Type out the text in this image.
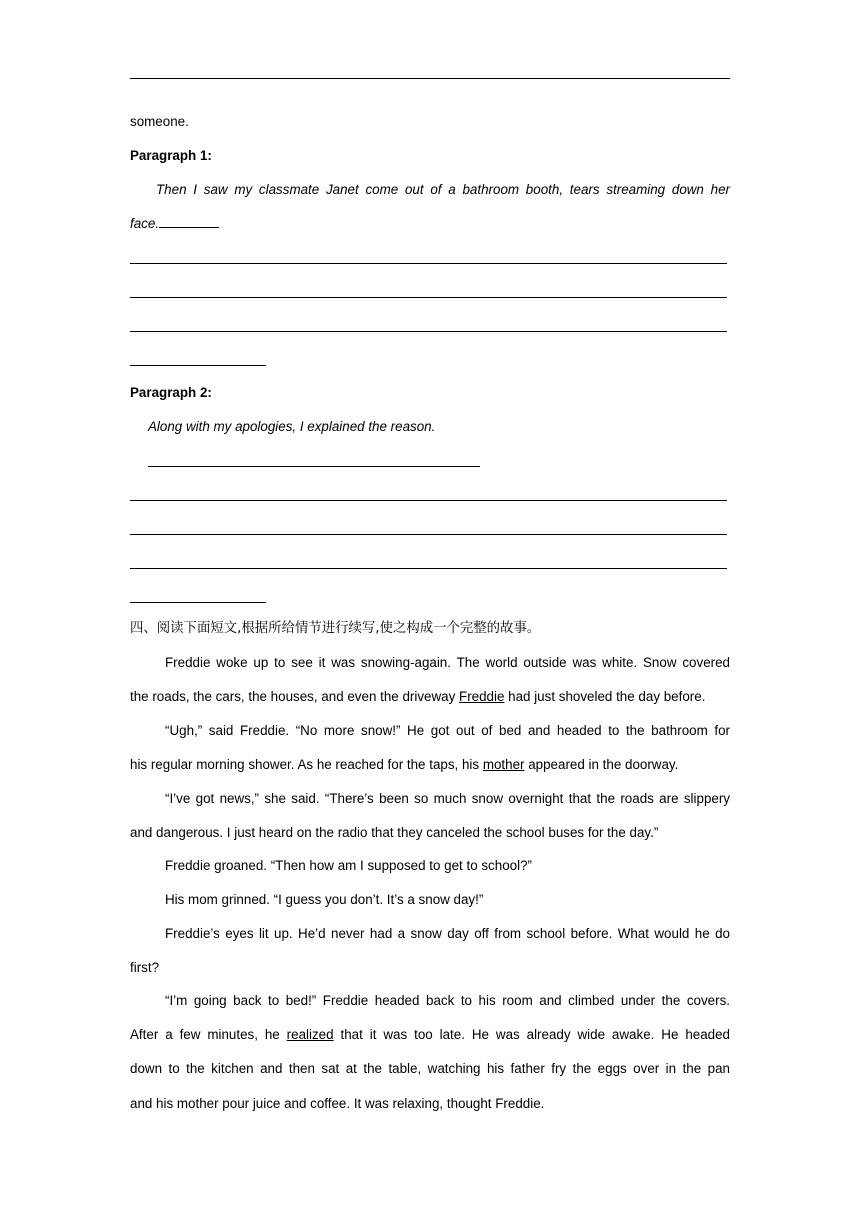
someone.
Paragraph 1:
Then I saw my classmate Janet come out of a bathroom booth, tears streaming down her
face.
Paragraph 2:
Along with my apologies, I explained the reason.
四、阅读下面短文,根据所给情节进行续写,使之构成一个完整的故事。
Freddie woke up to see it was snowing-again. The world outside was white. Snow covered
the roads, the cars, the houses, and even the driveway Freddie had just shoveled the day before.
“Ugh,” said Freddie. “No more snow!” He got out of bed and headed to the bathroom for
his regular morning shower. As he reached for the taps, his mother appeared in the doorway.
“I’ve got news,” she said. “There’s been so much snow overnight that the roads are slippery
and dangerous. I just heard on the radio that they canceled the school buses for the day.”
Freddie groaned. “Then how am I supposed to get to school?”
His mom grinned. “I guess you don’t. It’s a snow day!”
Freddie’s eyes lit up. He’d never had a snow day off from school before. What would he do
first?
“I’m going back to bed!” Freddie headed back to his room and climbed under the covers.
After a few minutes, he realized that it was too late. He was already wide awake. He headed
down to the kitchen and then sat at the table, watching his father fry the eggs over in the pan
and his mother pour juice and coffee. It was relaxing, thought Freddie.
